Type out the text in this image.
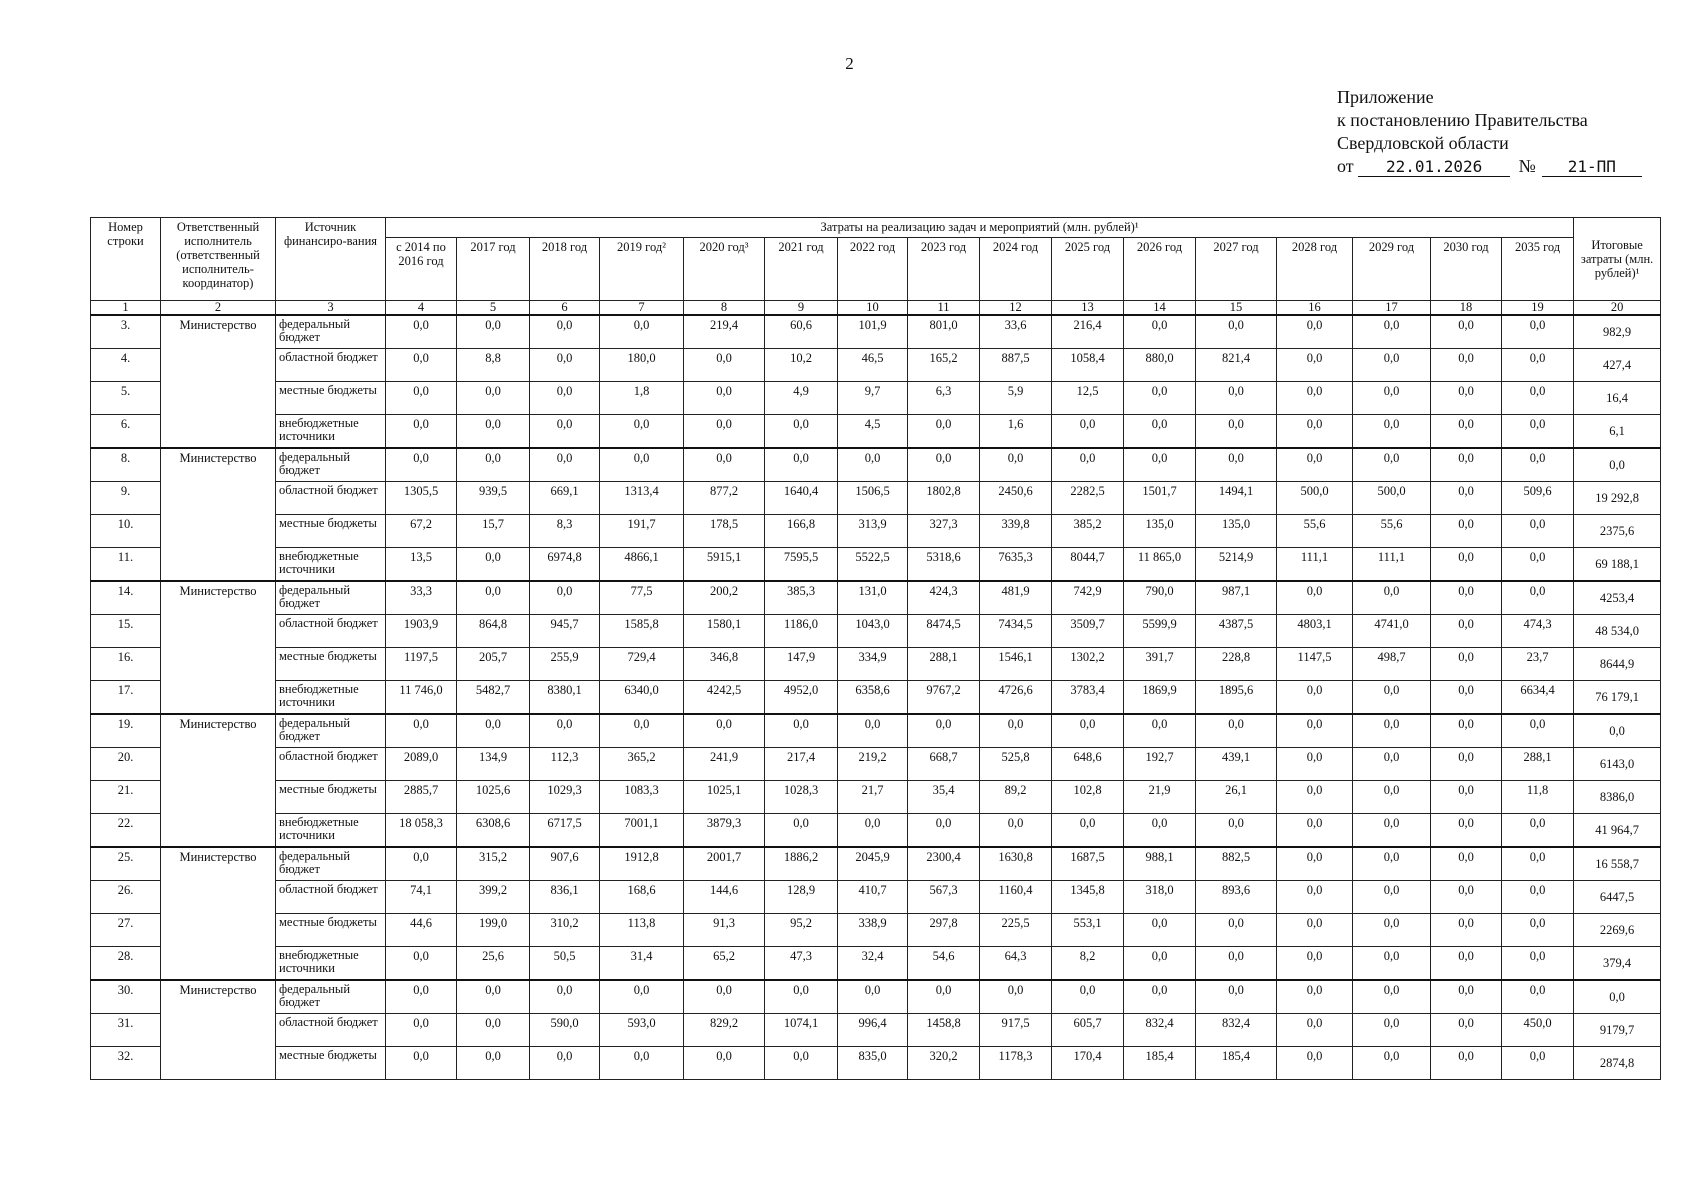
2
Приложение
к постановлению Правительства
Свердловской области
от 22.01.2026 № 21-ПП
Номер строки	Ответственный исполнитель (ответственный исполнитель-координатор)	Источник финансиро-вания	Затраты на реализацию задач и мероприятий (млн. рублей)¹																Итоговые затраты (млн. рублей)¹
			с 2014 по 2016 год	2017 год	2018 год	2019 год²	2020 год³	2021 год	2022 год	2023 год	2024 год	2025 год	2026 год	2027 год	2028 год	2029 год	2030 год	2035 год	
1	2	3	4	5	6	7	8	9	10	11	12	13	14	15	16	17	18	19	20
3.	Министерство	федеральный бюджет	0,0	0,0	0,0	0,0	219,4	60,6	101,9	801,0	33,6	216,4	0,0	0,0	0,0	0,0	0,0	0,0	982,9
4.		областной бюджет	0,0	8,8	0,0	180,0	0,0	10,2	46,5	165,2	887,5	1058,4	880,0	821,4	0,0	0,0	0,0	0,0	427,4
5.		местные бюджеты	0,0	0,0	0,0	1,8	0,0	4,9	9,7	6,3	5,9	12,5	0,0	0,0	0,0	0,0	0,0	0,0	16,4
6.		внебюджетные источники	0,0	0,0	0,0	0,0	0,0	0,0	4,5	0,0	1,6	0,0	0,0	0,0	0,0	0,0	0,0	0,0	6,1
8.	Министерство	федеральный бюджет	0,0	0,0	0,0	0,0	0,0	0,0	0,0	0,0	0,0	0,0	0,0	0,0	0,0	0,0	0,0	0,0	0,0
9.		областной бюджет	1305,5	939,5	669,1	1313,4	877,2	1640,4	1506,5	1802,8	2450,6	2282,5	1501,7	1494,1	500,0	500,0	0,0	509,6	19 292,8
10.		местные бюджеты	67,2	15,7	8,3	191,7	178,5	166,8	313,9	327,3	339,8	385,2	135,0	135,0	55,6	55,6	0,0	0,0	2375,6
11.		внебюджетные источники	13,5	0,0	6974,8	4866,1	5915,1	7595,5	5522,5	5318,6	7635,3	8044,7	11 865,0	5214,9	111,1	111,1	0,0	0,0	69 188,1
14.	Министерство	федеральный бюджет	33,3	0,0	0,0	77,5	200,2	385,3	131,0	424,3	481,9	742,9	790,0	987,1	0,0	0,0	0,0	0,0	4253,4
15.		областной бюджет	1903,9	864,8	945,7	1585,8	1580,1	1186,0	1043,0	8474,5	7434,5	3509,7	5599,9	4387,5	4803,1	4741,0	0,0	474,3	48 534,0
16.		местные бюджеты	1197,5	205,7	255,9	729,4	346,8	147,9	334,9	288,1	1546,1	1302,2	391,7	228,8	1147,5	498,7	0,0	23,7	8644,9
17.		внебюджетные источники	11 746,0	5482,7	8380,1	6340,0	4242,5	4952,0	6358,6	9767,2	4726,6	3783,4	1869,9	1895,6	0,0	0,0	0,0	6634,4	76 179,1
19.	Министерство	федеральный бюджет	0,0	0,0	0,0	0,0	0,0	0,0	0,0	0,0	0,0	0,0	0,0	0,0	0,0	0,0	0,0	0,0	0,0
20.		областной бюджет	2089,0	134,9	112,3	365,2	241,9	217,4	219,2	668,7	525,8	648,6	192,7	439,1	0,0	0,0	0,0	288,1	6143,0
21.		местные бюджеты	2885,7	1025,6	1029,3	1083,3	1025,1	1028,3	21,7	35,4	89,2	102,8	21,9	26,1	0,0	0,0	0,0	11,8	8386,0
22.		внебюджетные источники	18 058,3	6308,6	6717,5	7001,1	3879,3	0,0	0,0	0,0	0,0	0,0	0,0	0,0	0,0	0,0	0,0	0,0	41 964,7
25.	Министерство	федеральный бюджет	0,0	315,2	907,6	1912,8	2001,7	1886,2	2045,9	2300,4	1630,8	1687,5	988,1	882,5	0,0	0,0	0,0	0,0	16 558,7
26.		областной бюджет	74,1	399,2	836,1	168,6	144,6	128,9	410,7	567,3	1160,4	1345,8	318,0	893,6	0,0	0,0	0,0	0,0	6447,5
27.		местные бюджеты	44,6	199,0	310,2	113,8	91,3	95,2	338,9	297,8	225,5	553,1	0,0	0,0	0,0	0,0	0,0	0,0	2269,6
28.		внебюджетные источники	0,0	25,6	50,5	31,4	65,2	47,3	32,4	54,6	64,3	8,2	0,0	0,0	0,0	0,0	0,0	0,0	379,4
30.	Министерство	федеральный бюджет	0,0	0,0	0,0	0,0	0,0	0,0	0,0	0,0	0,0	0,0	0,0	0,0	0,0	0,0	0,0	0,0	0,0
31.		областной бюджет	0,0	0,0	590,0	593,0	829,2	1074,1	996,4	1458,8	917,5	605,7	832,4	832,4	0,0	0,0	0,0	450,0	9179,7
32.		местные бюджеты	0,0	0,0	0,0	0,0	0,0	0,0	835,0	320,2	1178,3	170,4	185,4	185,4	0,0	0,0	0,0	0,0	2874,8
